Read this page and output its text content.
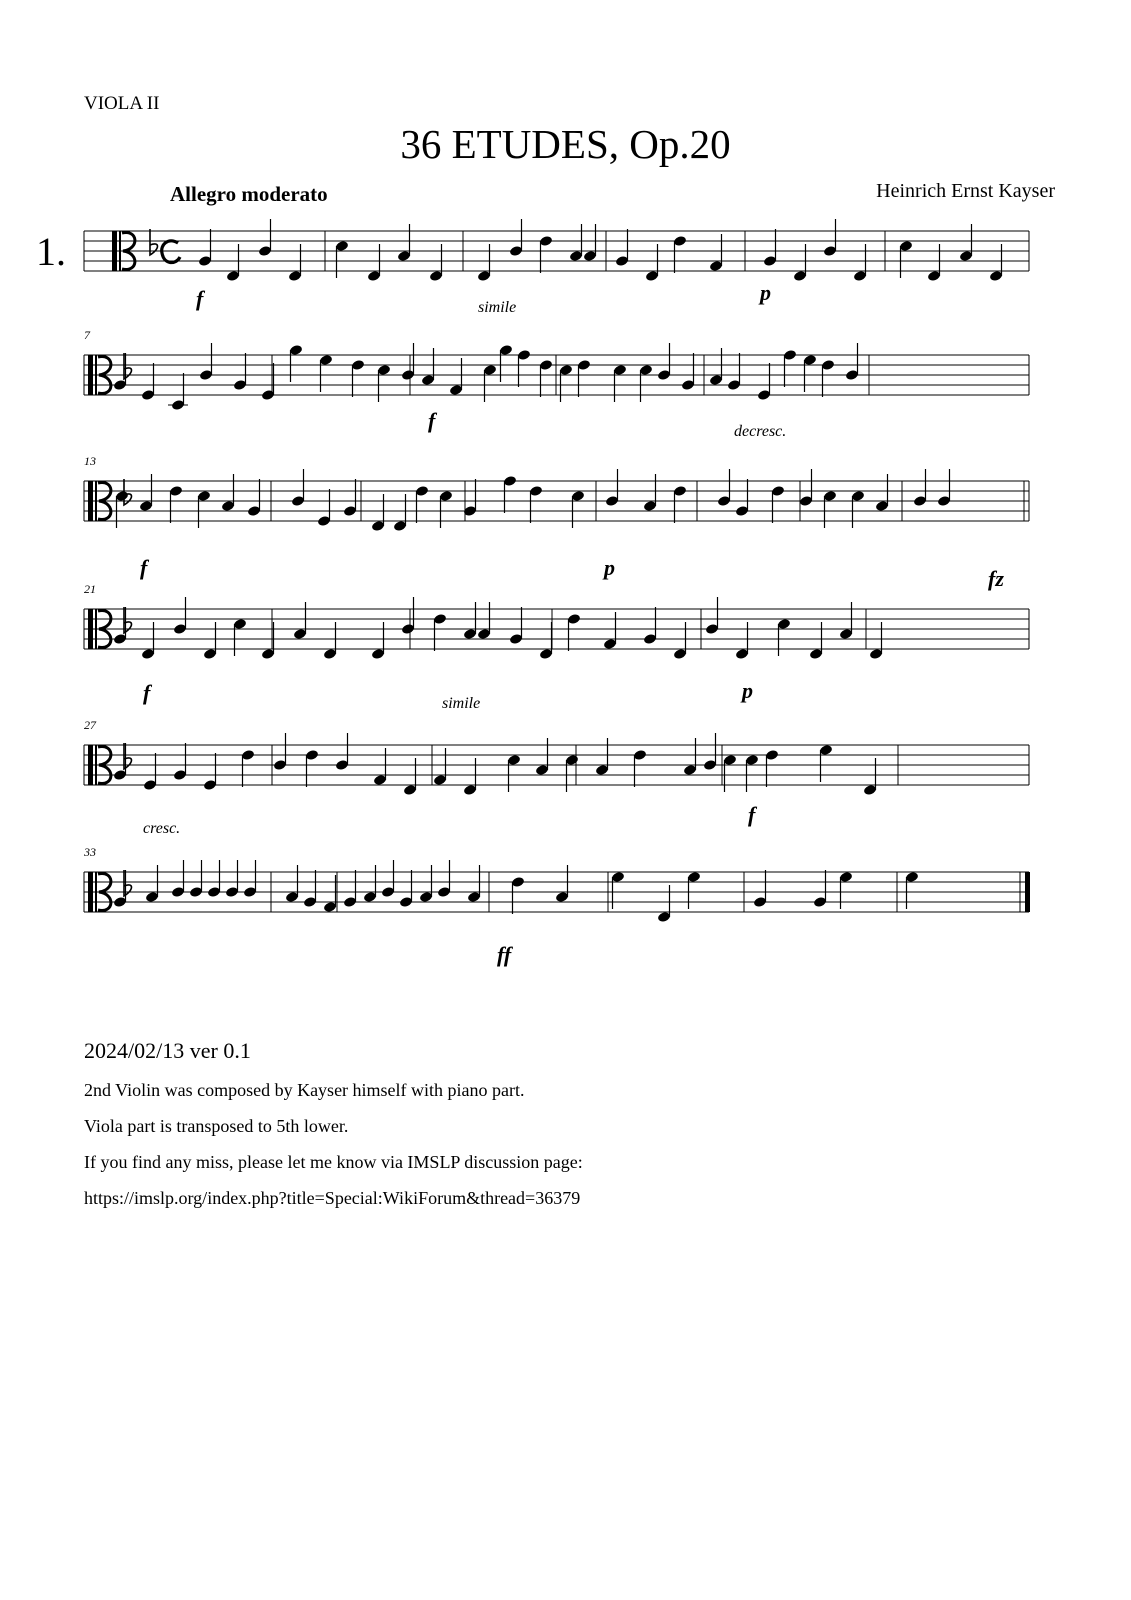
VIOLA II
36 ETUDES, Op.20
Allegro moderato	Heinrich Ernst Kayser
1.
f	simile
p
7
f	decresc.
13
f	p	fz
21
f	simile
p
27
cresc.
f
33
ff
2024/02/13 ver 0.1
2nd Violin was composed by Kayser himself with piano part.
Viola part is transposed to 5th lower.
If you find any miss, please let me know via IMSLP discussion page:
https://imslp.org/index.php?title=Special:WikiForum&thread=36379
